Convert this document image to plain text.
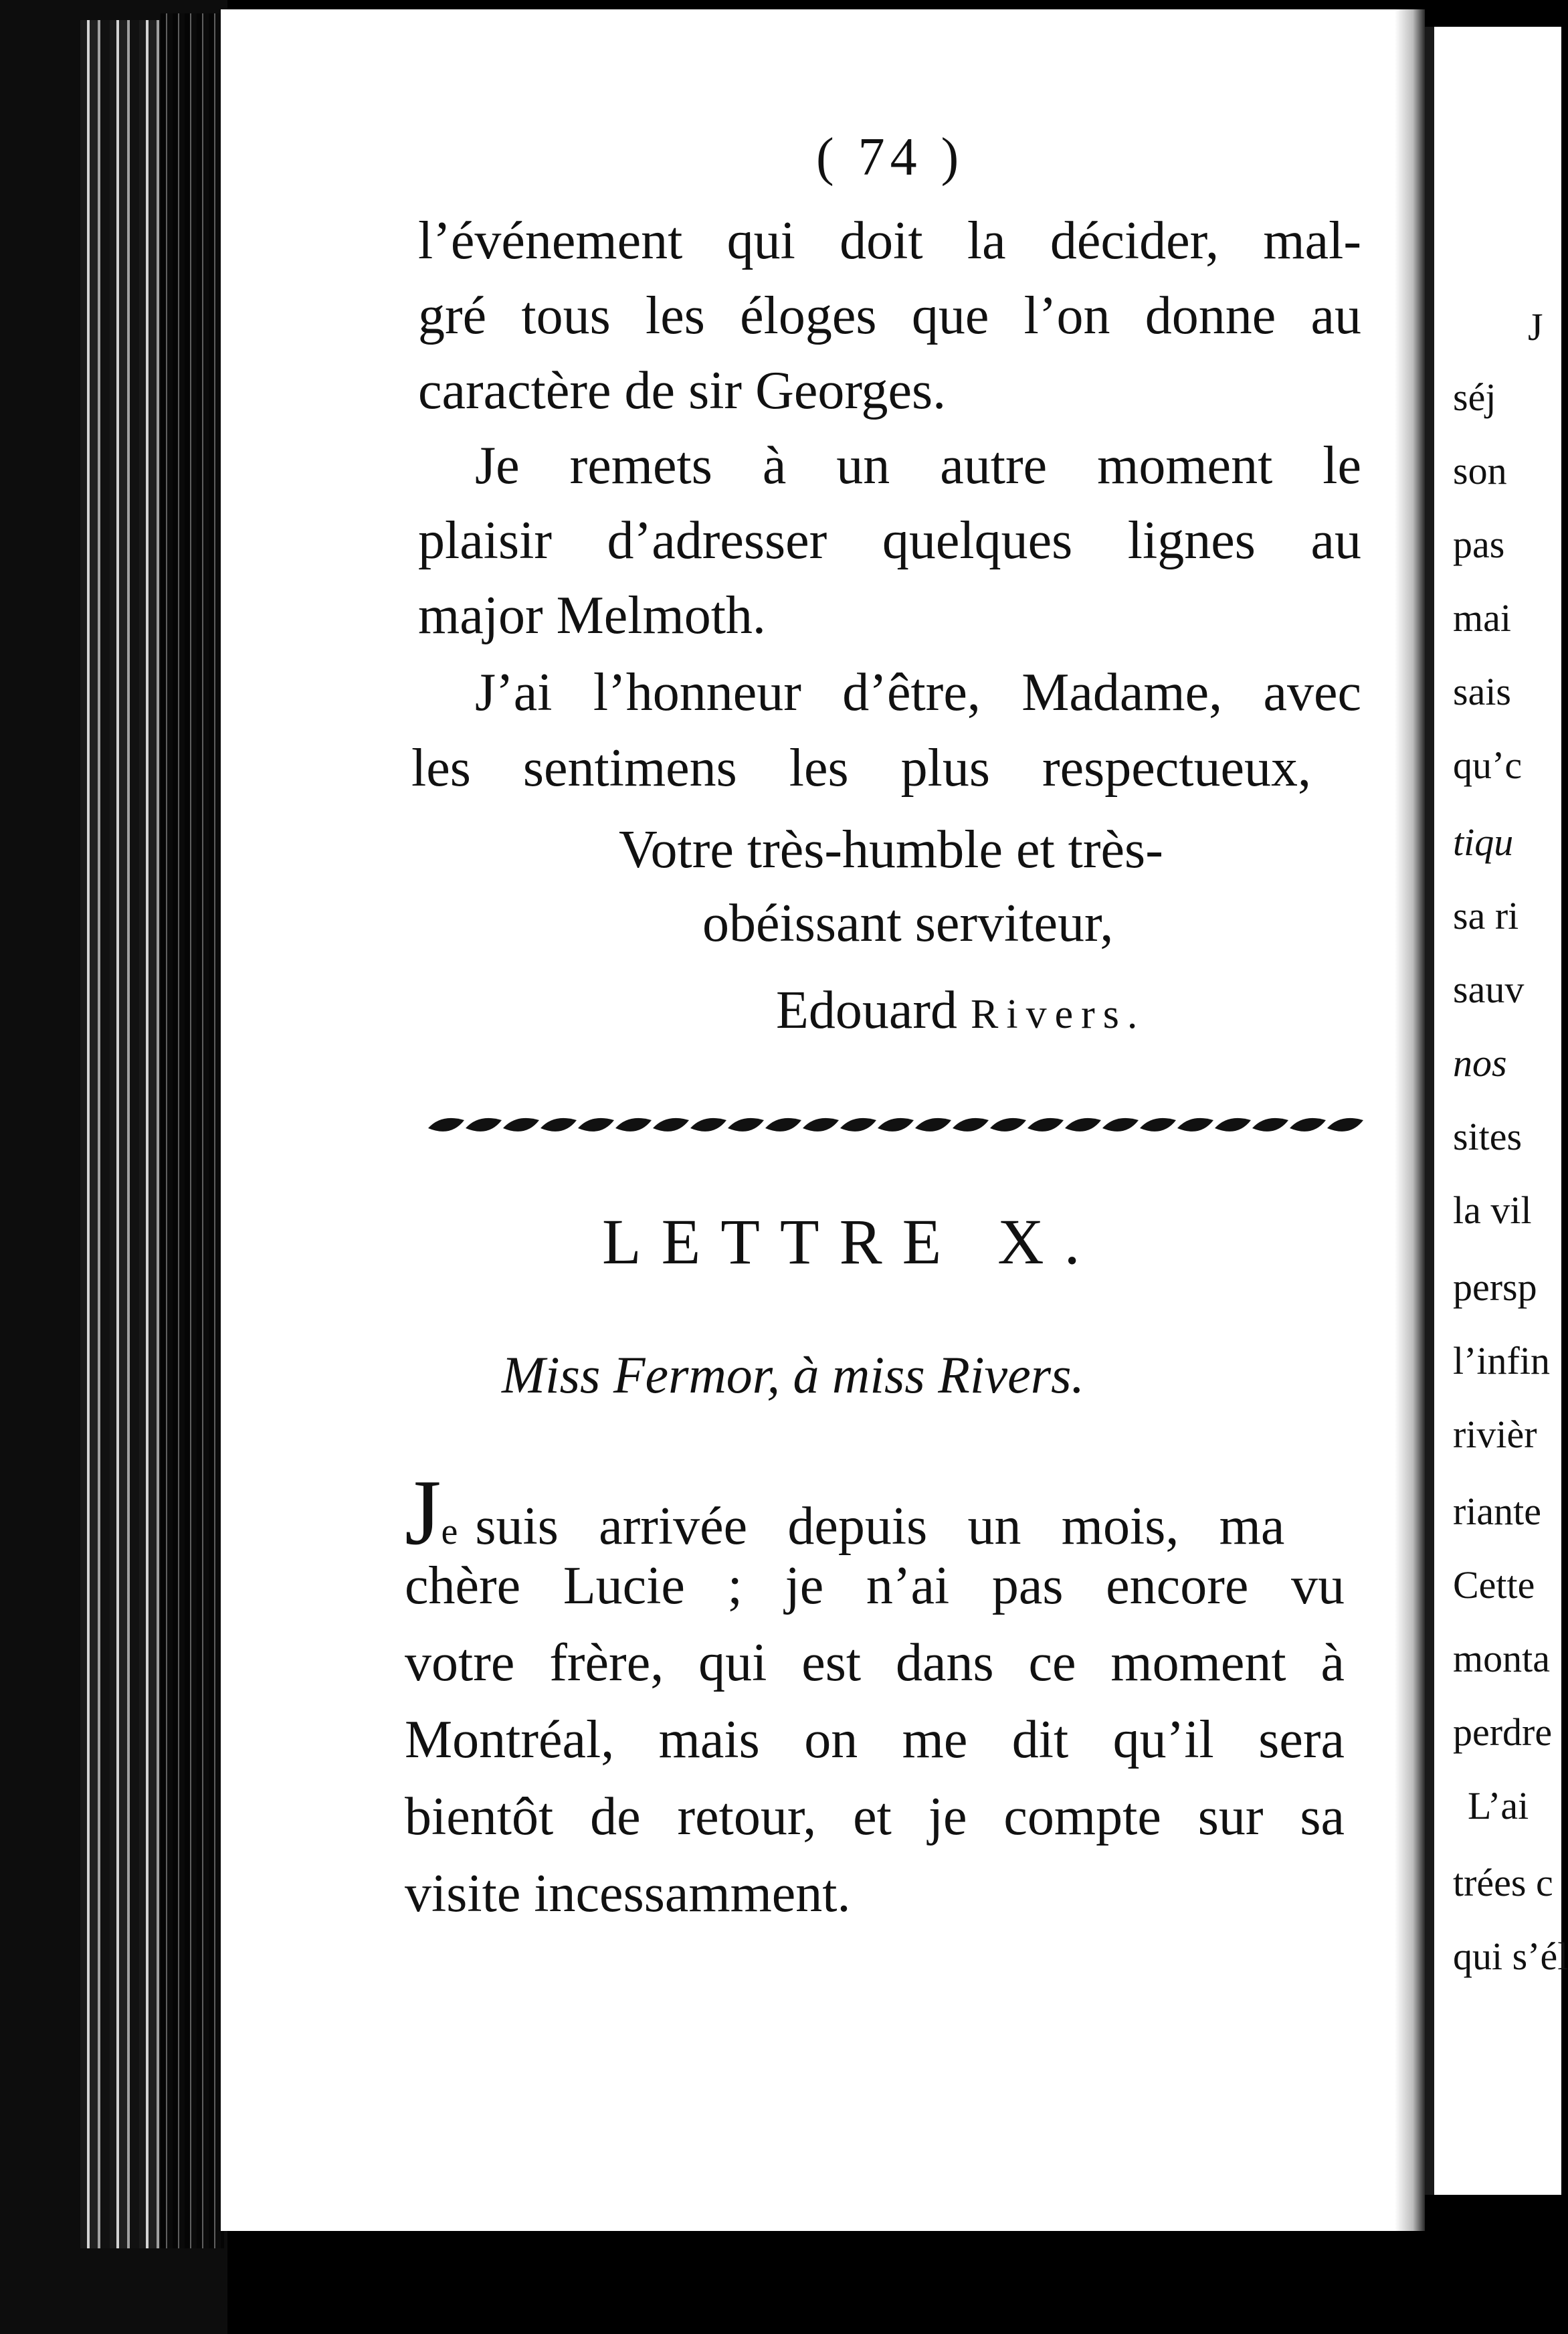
J
séj
son
pas
mai
sais
qu’c
tiqu
sa ri
sauv
nos
sites
la vil
persp
l’infin
rivièr
riante
Cette
monta
perdre
L’ai
trées c
qui s’él
( 74 )
l’événement qui doit la décider, mal-
gré tous les éloges que l’on donne au
caractère de sir Georges.
Je remets à un autre moment le
plaisir d’adresser quelques lignes au
major Melmoth.
J’ai l’honneur d’être, Madame, avec
les sentimens les plus respectueux,
Votre très-humble et très-
obéissant serviteur,
Edouard Rivers.
LETTRE X.
Miss Fermor, à miss Rivers.
Je suis arrivée depuis un mois, ma
chère Lucie ; je n’ai pas encore vu
votre frère, qui est dans ce moment à
Montréal, mais on me dit qu’il sera
bientôt de retour, et je compte sur sa
visite incessamment.
